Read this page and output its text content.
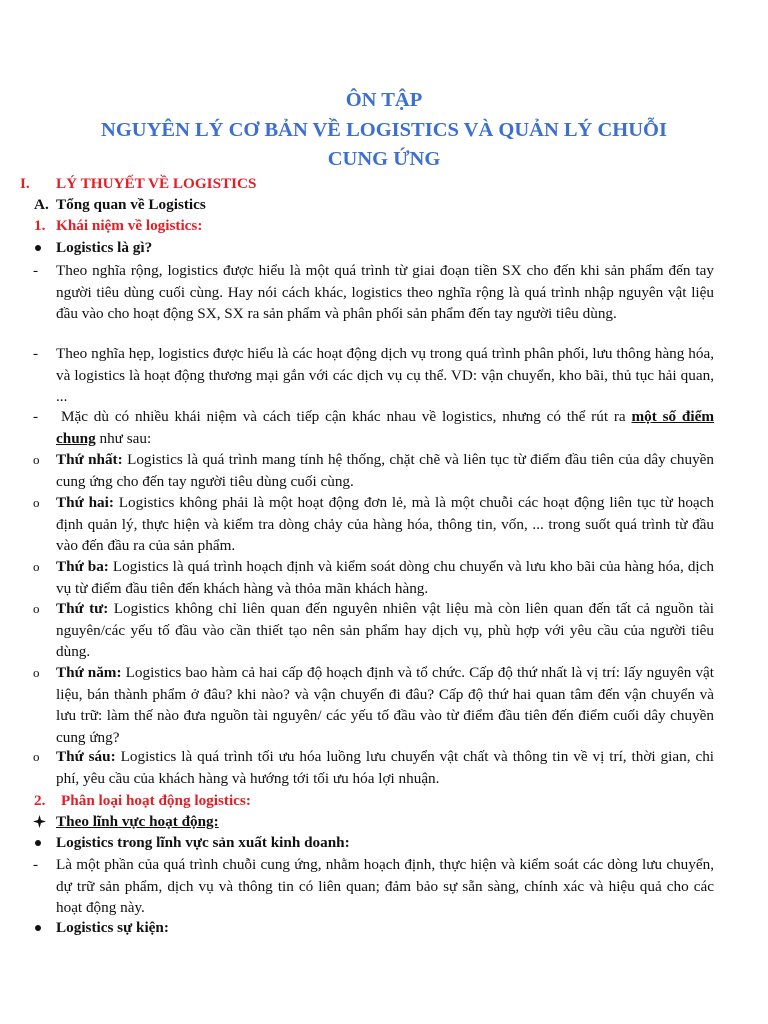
ÔN TẬP
NGUYÊN LÝ CƠ BẢN VỀ LOGISTICS VÀ QUẢN LÝ CHUỖI
CUNG ỨNG
I. LÝ THUYẾT VỀ LOGISTICS
A. Tổng quan về Logistics
1. Khái niệm về logistics:
Logistics là gì?
- Theo nghĩa rộng, logistics được hiểu là một quá trình từ giai đoạn tiền SX cho đến khi sản phẩm đến tay người tiêu dùng cuối cùng. Hay nói cách khác, logistics theo nghĩa rộng là quá trình nhập nguyên vật liệu đầu vào cho hoạt động SX, SX ra sản phẩm và phân phối sản phẩm đến tay người tiêu dùng.
- Theo nghĩa hẹp, logistics được hiểu là các hoạt động dịch vụ trong quá trình phân phối, lưu thông hàng hóa, và logistics là hoạt động thương mại gắn với các dịch vụ cụ thể. VD: vận chuyển, kho bãi, thủ tục hải quan, ...
-	Mặc dù có nhiều khái niệm và cách tiếp cận khác nhau về logistics, nhưng có thể rút ra một số điểm chung như sau:
o Thứ nhất: Logistics là quá trình mang tính hệ thống, chặt chẽ và liên tục từ điểm đầu tiên của dây chuyền cung ứng cho đến tay người tiêu dùng cuối cùng.
o Thứ hai: Logistics không phải là một hoạt động đơn lẻ, mà là một chuỗi các hoạt động liên tục từ hoạch định quản lý, thực hiện và kiểm tra dòng chảy của hàng hóa, thông tin, vốn, ... trong suốt quá trình từ đầu vào đến đầu ra của sản phẩm.
o Thứ ba: Logistics là quá trình hoạch định và kiểm soát dòng chu chuyển và lưu kho bãi của hàng hóa, dịch vụ từ điểm đầu tiên đến khách hàng và thỏa mãn khách hàng.
o Thứ tư: Logistics không chỉ liên quan đến nguyên nhiên vật liệu mà còn liên quan đến tất cả nguồn tài nguyên/các yếu tố đầu vào cần thiết tạo nên sản phẩm hay dịch vụ, phù hợp với yêu cầu của người tiêu dùng.
o Thứ năm: Logistics bao hàm cả hai cấp độ hoạch định và tổ chức. Cấp độ thứ nhất là vị trí: lấy nguyên vật liệu, bán thành phẩm ở đâu? khi nào? và vận chuyển đi đâu? Cấp độ thứ hai quan tâm đến vận chuyển và lưu trữ: làm thế nào đưa nguồn tài nguyên/ các yếu tố đầu vào từ điểm đầu tiên đến điểm cuối dây chuyền cung ứng?
o Thứ sáu: Logistics là quá trình tối ưu hóa luồng lưu chuyển vật chất và thông tin về vị trí, thời gian, chi phí, yêu cầu của khách hàng và hướng tới tối ưu hóa lợi nhuận.
2. Phân loại hoạt động logistics:
Theo lĩnh vực hoạt động:
Logistics trong lĩnh vực sản xuất kinh doanh:
- Là một phần của quá trình chuỗi cung ứng, nhằm hoạch định, thực hiện và kiểm soát các dòng lưu chuyển, dự trữ sản phẩm, dịch vụ và thông tin có liên quan; đảm bảo sự sẵn sàng, chính xác và hiệu quả cho các hoạt động này.
Logistics sự kiện:
